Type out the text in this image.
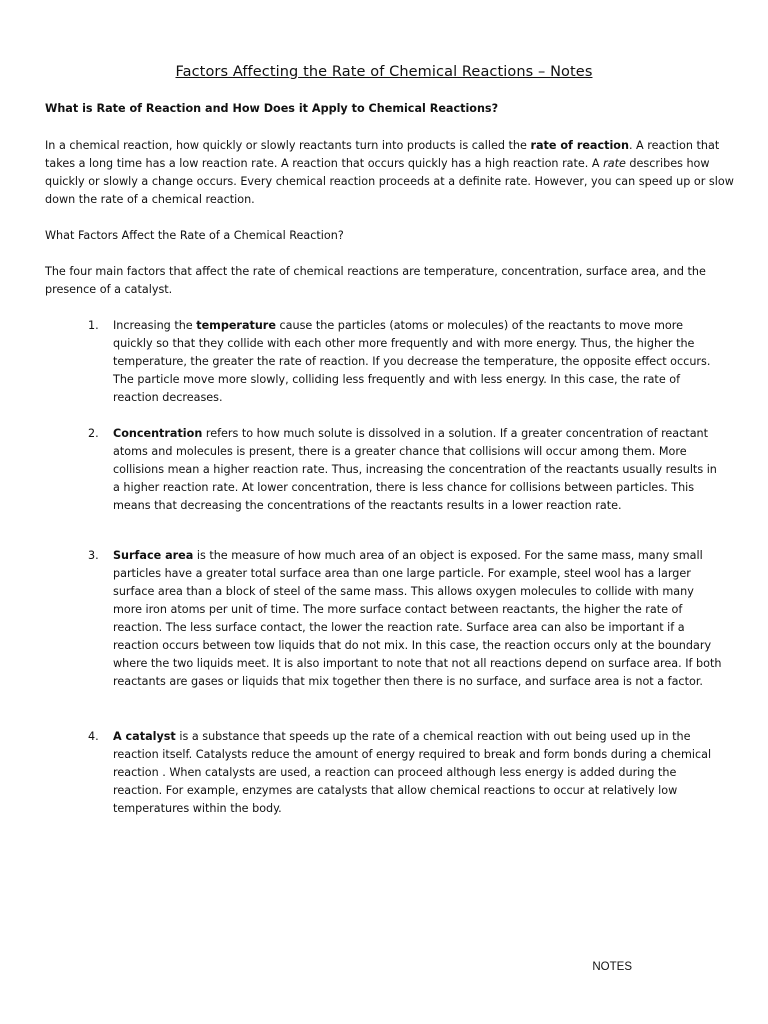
Factors Affecting the Rate of Chemical Reactions – Notes
What is Rate of Reaction and How Does it Apply to Chemical Reactions?
In a chemical reaction, how quickly or slowly reactants turn into products is called the rate of reaction. A reaction that takes a long time has a low reaction rate. A reaction that occurs quickly has a high reaction rate. A rate describes how quickly or slowly a change occurs. Every chemical reaction proceeds at a definite rate. However, you can speed up or slow down the rate of a chemical reaction.
What Factors Affect the Rate of a Chemical Reaction?
The four main factors that affect the rate of chemical reactions are temperature, concentration, surface area, and the presence of a catalyst.
1. Increasing the temperature cause the particles (atoms or molecules) of the reactants to move more quickly so that they collide with each other more frequently and with more energy. Thus, the higher the temperature, the greater the rate of reaction. If you decrease the temperature, the opposite effect occurs. The particle move more slowly, colliding less frequently and with less energy. In this case, the rate of reaction decreases.
2. Concentration refers to how much solute is dissolved in a solution. If a greater concentration of reactant atoms and molecules is present, there is a greater chance that collisions will occur among them. More collisions mean a higher reaction rate. Thus, increasing the concentration of the reactants usually results in a higher reaction rate. At lower concentration, there is less chance for collisions between particles. This means that decreasing the concentrations of the reactants results in a lower reaction rate.
3. Surface area is the measure of how much area of an object is exposed. For the same mass, many small particles have a greater total surface area than one large particle. For example, steel wool has a larger surface area than a block of steel of the same mass. This allows oxygen molecules to collide with many more iron atoms per unit of time. The more surface contact between reactants, the higher the rate of reaction. The less surface contact, the lower the reaction rate. Surface area can also be important if a reaction occurs between tow liquids that do not mix. In this case, the reaction occurs only at the boundary where the two liquids meet. It is also important to note that not all reactions depend on surface area. If both reactants are gases or liquids that mix together then there is no surface, and surface area is not a factor.
4. A catalyst is a substance that speeds up the rate of a chemical reaction with out being used up in the reaction itself. Catalysts reduce the amount of energy required to break and form bonds during a chemical reaction . When catalysts are used, a reaction can proceed although less energy is added during the reaction. For example, enzymes are catalysts that allow chemical reactions to occur at relatively low temperatures within the body.
NOTES
